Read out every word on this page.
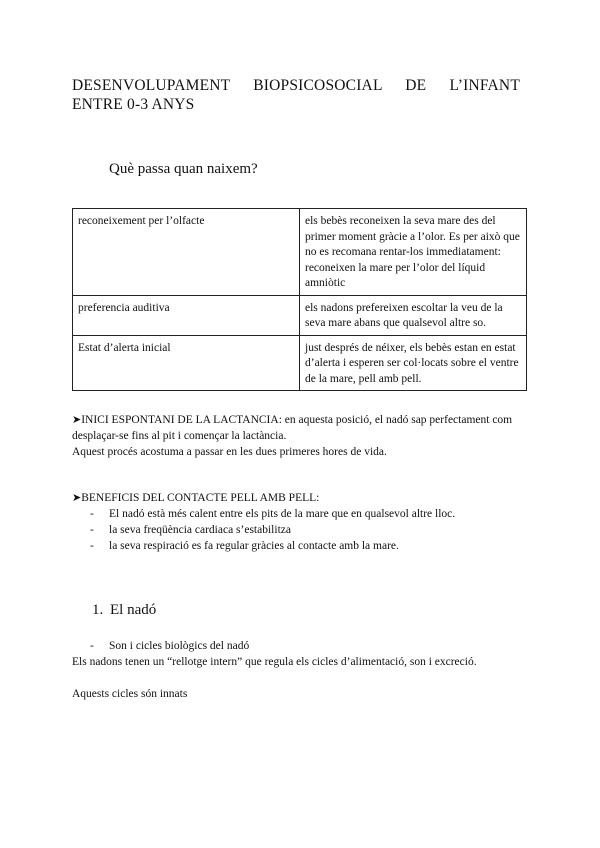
DESENVOLUPAMENT BIOPSICOSOCIAL DE L’INFANT
ENTRE 0-3 ANYS
Què passa quan naixem?
reconeixement per l’olfacte	els bebès reconeixen la seva mare des del primer moment gràcie a l’olor. Es per això que no es recomana rentar-los immediatament: reconeixen la mare per l’olor del líquid amniòtic
preferencia auditiva	els nadons prefereixen escoltar la veu de la seva mare abans que qualsevol altre so.
Estat d’alerta inicial	just després de néixer, els bebès estan en estat d’alerta i esperen ser col·locats sobre el ventre de la mare, pell amb pell.
➤INICI ESPONTANI DE LA LACTANCIA: en aquesta posició, el nadó sap perfectament com desplaçar-se fins al pit i començar la lactància.
Aquest procés acostuma a passar en les dues primeres hores de vida.
➤BENEFICIS DEL CONTACTE PELL AMB PELL:
- El nadó està més calent entre els pits de la mare que en qualsevol altre lloc.
- la seva freqüència cardiaca s’estabilitza
- la seva respiració es fa regular gràcies al contacte amb la mare.
1. El nadó
- Son i cicles biològics del nadó
Els nadons tenen un “rellotge intern” que regula els cicles d’alimentació, son i excreció.
Aquests cicles són innats
